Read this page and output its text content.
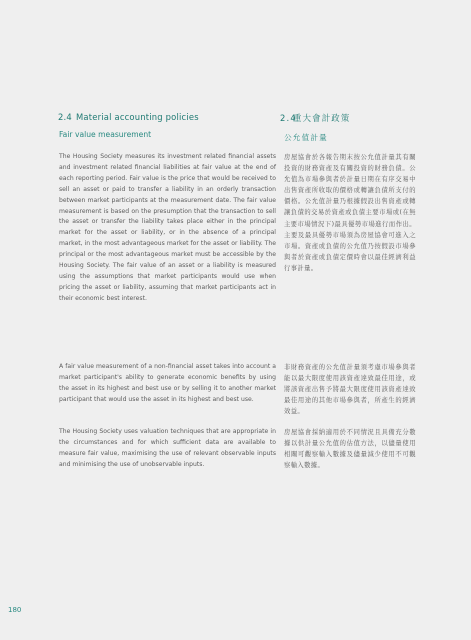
2.4 Material accounting policies
Fair value measurement

The Housing Society measures its investment related financial assets and investment related financial liabilities at fair value at the end of each reporting period. Fair value is the price that would be received to sell an asset or paid to transfer a liability in an orderly transaction between market participants at the measurement date. The fair value measurement is based on the presumption that the transaction to sell the asset or transfer the liability takes place either in the principal market for the asset or liability, or in the absence of a principal market, in the most advantageous market for the asset or liability. The principal or the most advantageous market must be accessible by the Housing Society. The fair value of an asset or a liability is measured using the assumptions that market participants would use when pricing the asset or liability, assuming that market participants act in their economic best interest.

A fair value measurement of a non-financial asset takes into account a market participant's ability to generate economic benefits by using the asset in its highest and best use or by selling it to another market participant that would use the asset in its highest and best use.

The Housing Society uses valuation techniques that are appropriate in the circumstances and for which sufficient data are available to measure fair value, maximising the use of relevant observable inputs and minimising the use of unobservable inputs.

2.4重大會計政策
公允值計量

房屋協會於各報告期末按公允值計量其有關投資的財務資產及有關投資的財務負債。公允值為市場參與者於計量日期在有序交易中出售資產所收取的價格或轉讓負債所支付的價格。公允值計量乃根據假設出售資產或轉讓負債的交易於資產或負債主要市場或(在無主要市場情況下)最具優勢市場進行而作出。主要及最具優勢市場須為房屋協會可進入之市場。資產或負債的公允值乃按假設市場參與者於資產或負債定價時會以最佳經濟利益行事計量。

非財務資產的公允值計量須考慮市場參與者能以最大限度使用該資產達致最佳用途，或將該資產出售予將最大限度使用該資產達致最佳用途的其他市場參與者，所產生的經濟效益。

房屋協會採納適用於不同情況且具備充分數據以供計量公允值的估值方法，以儘量使用相關可觀察輸入數據及儘量減少使用不可觀察輸入數據。

180
